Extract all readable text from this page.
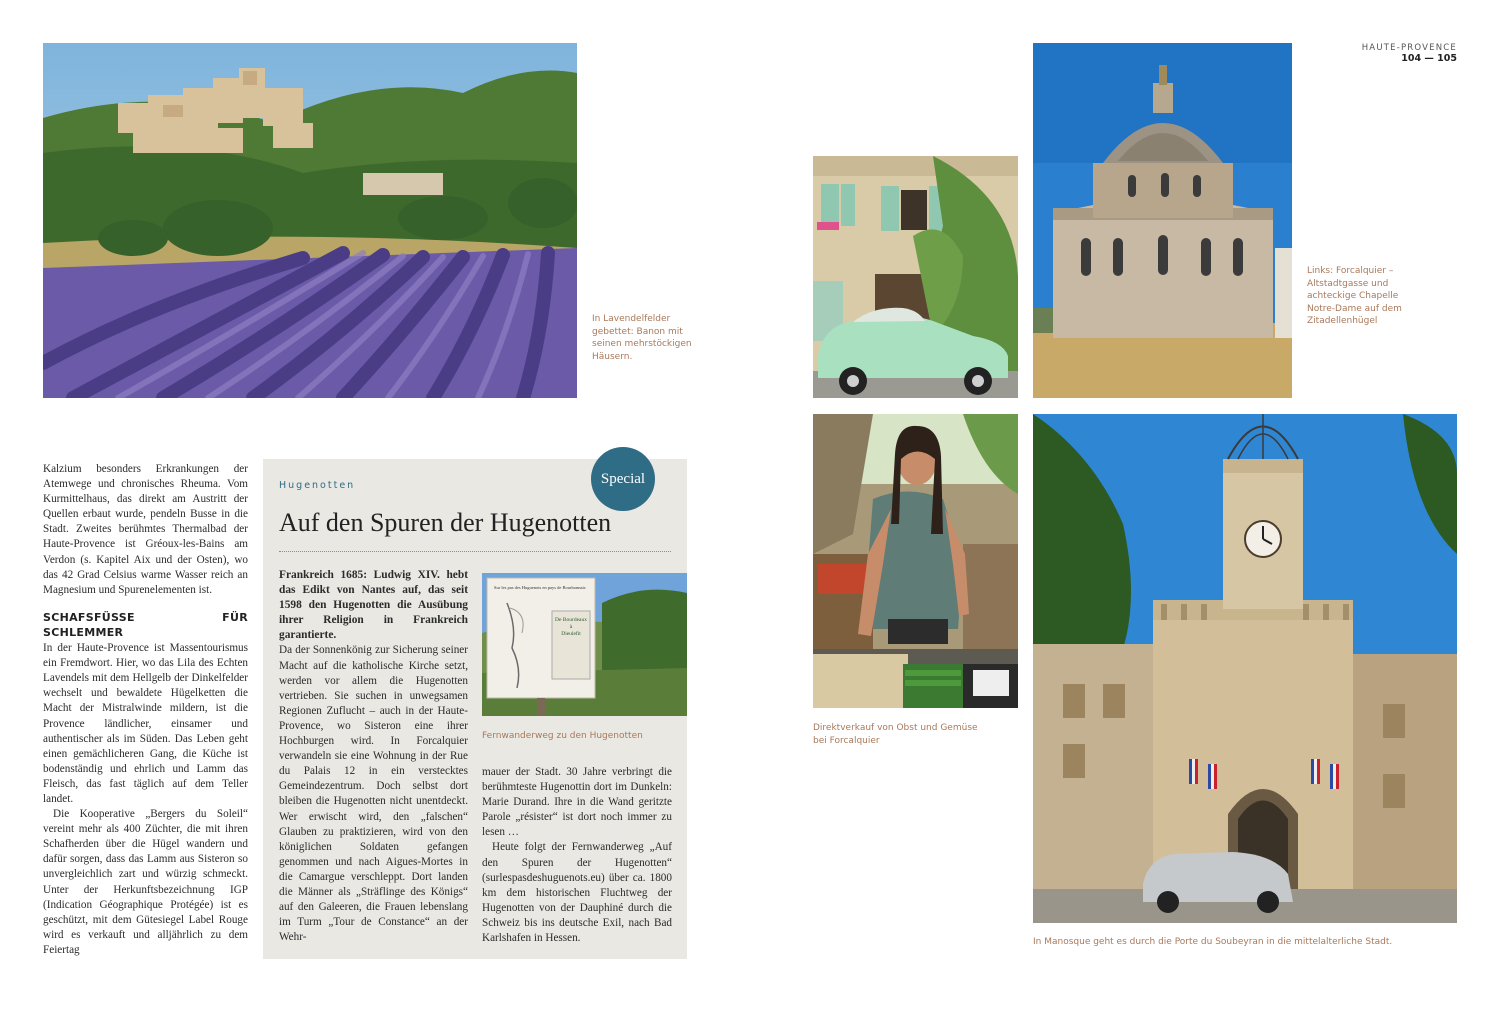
HAUTE-PROVENCE
104 — 105
In Lavendelfelder
gebettet: Banon mit
seinen mehrstöckigen
Häusern.
Links: Forcalquier –
Altstadtgasse und
achteckige Chapelle
Notre-Dame auf dem
Zitadellenhügel
Direktverkauf von Obst und Gemüse
bei Forcalquier
In Manosque geht es durch die Porte du Soubeyran in die mittelalterliche Stadt.

Kalzium besonders Erkrankungen der Atemwege und chronisches Rheuma. Vom Kurmittelhaus, das direkt am Austritt der Quellen erbaut wurde, pendeln Busse in die Stadt. Zweites berühmtes Thermalbad der Haute-Provence ist Gréoux-les-Bains am Verdon (s. Kapitel Aix und der Osten), wo das 42 Grad Celsius warme Wasser reich an Magnesium und Spurenelementen ist.

SCHAFSFÜSSE FÜR SCHLEMMER

In der Haute-Provence ist Massentourismus ein Fremdwort. Hier, wo das Lila des Echten Lavendels mit dem Hellgelb der Dinkelfelder wechselt und bewaldete Hügelketten die Macht der Mistralwinde mildern, ist die Provence ländlicher, einsamer und authentischer als im Süden. Das Leben geht einen gemächlicheren Gang, die Küche ist bodenständig und ehrlich und Lamm das Fleisch, das fast täglich auf dem Teller landet.

Die Kooperative „Bergers du Soleil“ vereint mehr als 400 Züchter, die mit ihren Schafherden über die Hügel wandern und dafür sorgen, dass das Lamm aus Sisteron so unvergleichlich zart und würzig schmeckt. Unter der Herkunftsbezeichnung IGP (Indication Géographique Protégée) ist es geschützt, mit dem Gütesiegel Label Rouge wird es verkauft und alljährlich zu dem Feiertag

Special
Hugenotten
Auf den Spuren der Hugenotten

Frankreich 1685: Ludwig XIV. hebt das Edikt von Nantes auf, das seit 1598 den Hugenotten die Ausübung ihrer Religion in Frankreich garantierte.

Da der Sonnenkönig zur Sicherung seiner Macht auf die katholische Kirche setzt, werden vor allem die Hugenotten vertrieben. Sie suchen in unwegsamen Regionen Zuflucht – auch in der Haute-Provence, wo Sisteron eine ihrer Hochburgen wird. In Forcalquier verwandeln sie eine Wohnung in der Rue du Palais 12 in ein verstecktes Gemeindezentrum. Doch selbst dort bleiben die Hugenotten nicht unentdeckt. Wer erwischt wird, den „falschen“ Glauben zu praktizieren, wird von den königlichen Soldaten gefangen genommen und nach Aigues-Mortes in die Camargue verschleppt. Dort landen die Männer als „Sträflinge des Königs“ auf den Galeeren, die Frauen lebenslang im Turm „Tour de Constance“ an der Wehr-

Sur les pas des Huguenots en pays de Bourbonnais
De Bourdeaux
à
Dieulefit
Fernwanderweg zu den Hugenotten

mauer der Stadt. 30 Jahre verbringt die berühmteste Hugenottin dort im Dunkeln: Marie Durand. Ihre in die Wand geritzte Parole „résister“ ist dort noch immer zu lesen …

Heute folgt der Fernwanderweg „Auf den Spuren der Hugenotten“ (surlespasdeshuguenots.eu) über ca. 1800 km dem historischen Fluchtweg der Hugenotten von der Dauphiné durch die Schweiz bis ins deutsche Exil, nach Bad Karlshafen in Hessen.
